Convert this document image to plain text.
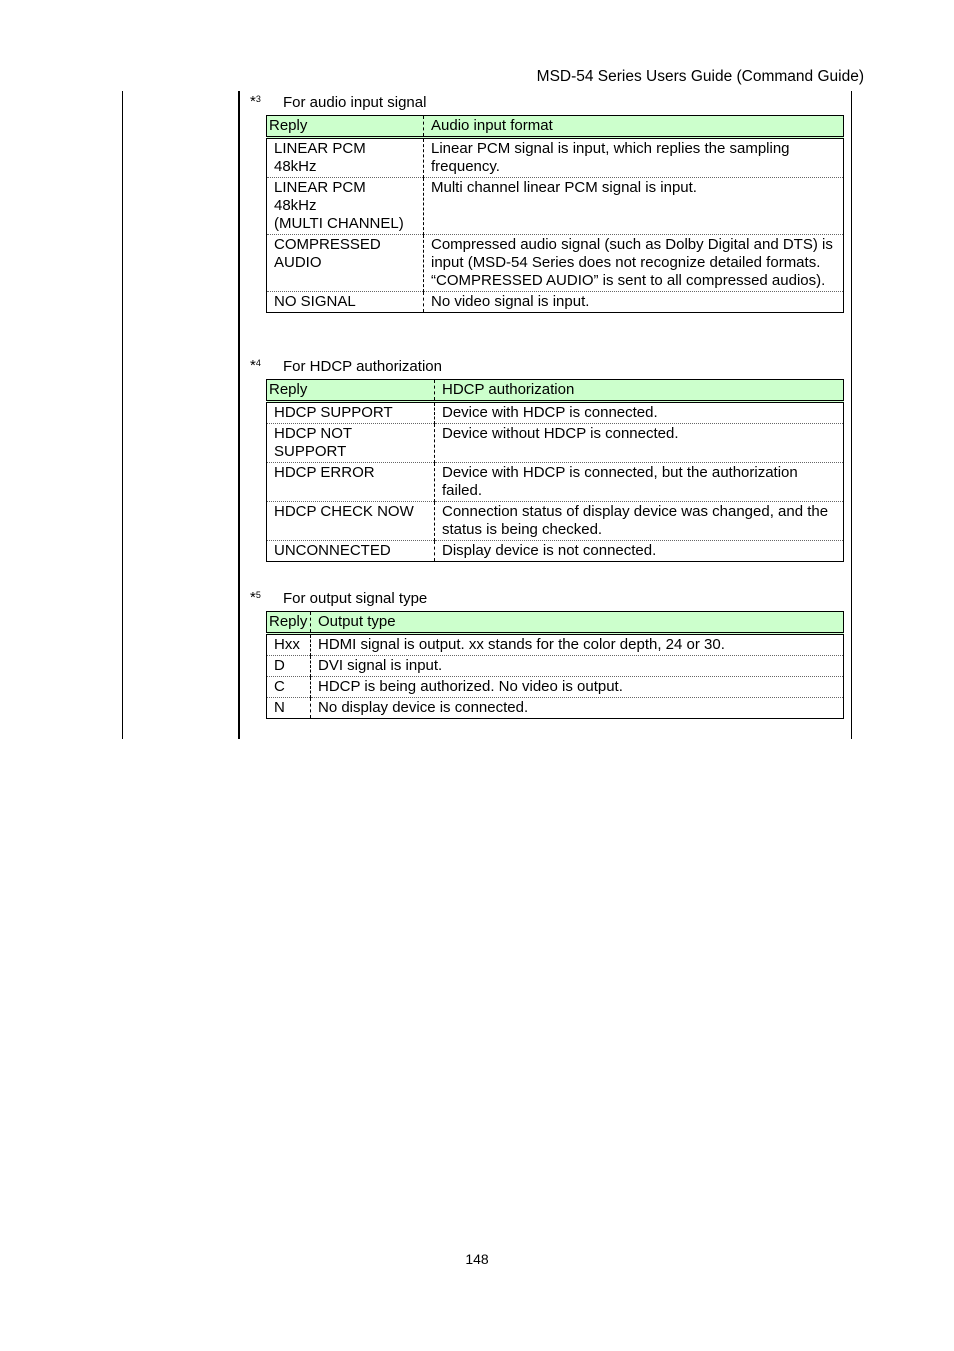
MSD-54 Series Users Guide (Command Guide)
*$^3$ For audio input signal
Reply	Audio input format
LINEAR PCM
48kHz	Linear PCM signal is input, which replies the sampling frequency.
LINEAR PCM
48kHz
(MULTI CHANNEL)	Multi channel linear PCM signal is input.
COMPRESSED
AUDIO	Compressed audio signal (such as Dolby Digital and DTS) is input (MSD-54 Series does not recognize detailed formats. “COMPRESSED AUDIO” is sent to all compressed audios).
NO SIGNAL	No video signal is input.
*$^4$ For HDCP authorization
Reply	HDCP authorization
HDCP SUPPORT	Device with HDCP is connected.
HDCP NOT
SUPPORT	Device without HDCP is connected.
HDCP ERROR	Device with HDCP is connected, but the authorization failed.
HDCP CHECK NOW	Connection status of display device was changed, and the status is being checked.
UNCONNECTED	Display device is not connected.
*$^5$ For output signal type
Reply	Output type
Hxx	HDMI signal is output. xx stands for the color depth, 24 or 30.
D	DVI signal is input.
C	HDCP is being authorized. No video is output.
N	No display device is connected.
148
